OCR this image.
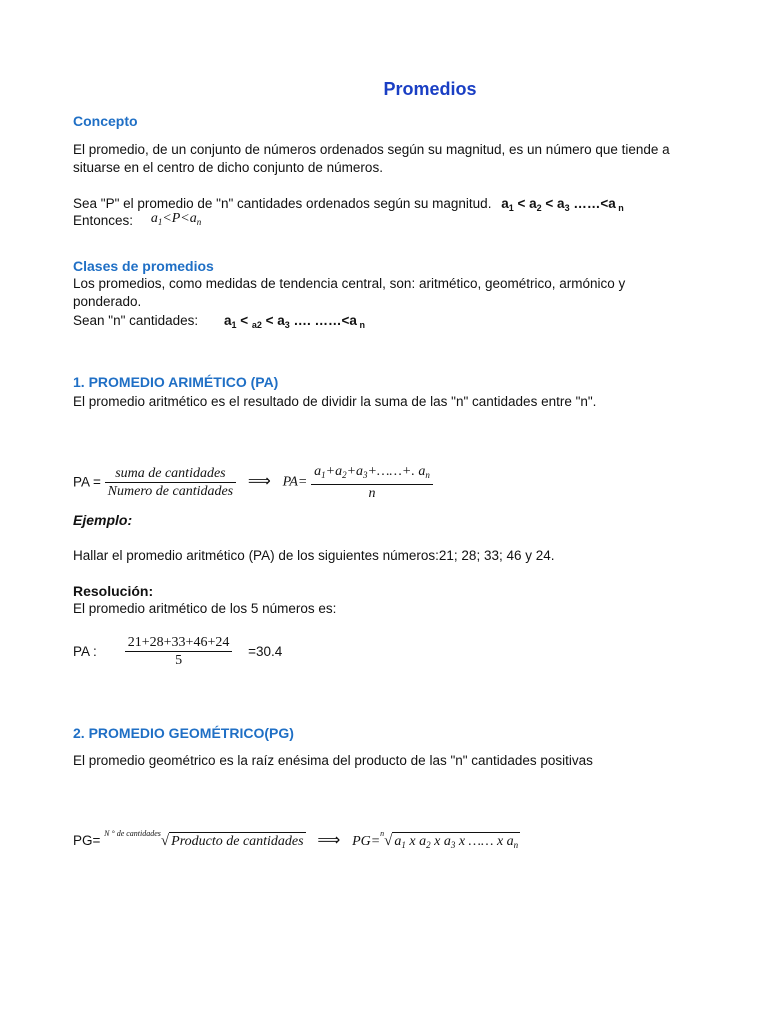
Promedios
Concepto
El promedio, de un conjunto de números ordenados según su magnitud, es un número que tiende a
situarse en el centro de dicho conjunto de números.
Sea "P" el promedio de "n" cantidades ordenados según su magnitud. $a_1 < a_2 < a_3$ ……<a $_n$
Entonces: $a_1<P<a_n$
Clases de promedios
Los promedios, como medidas de tendencia central, son: aritmético, geométrico, armónico y
ponderado.
Sean "n" cantidades: $a_1 < _{a2} < a_3$ …. ……<a $_n$
1. PROMEDIO ARIMÉTICO (PA)
El promedio aritmético es el resultado de dividir la suma de las "n" cantidades entre "n".
PA = $\frac{\text{suma de cantidades}}{\text{Numero de cantidades}}$ ⟹ $PA= \frac{a_1+a_2+a_3+\dots\dots+. a_n}{n}$
Ejemplo:
Hallar el promedio aritmético (PA) de los siguientes números:21; 28; 33; 46 y 24.
Resolución:
El promedio aritmético de los 5 números es:
PA : $\frac{21+28+33+46+24}{5} =30.4$
2. PROMEDIO GEOMÉTRICO(PG)
El promedio geométrico es la raíz enésima del producto de las "n" cantidades positivas
PG= $^{N ^\circ de cantidades}$√ Producto de cantidades ⟹ PG=$^n$√ $a_1$ x $a_2$ x $a_3$ x …… x $a_n$
